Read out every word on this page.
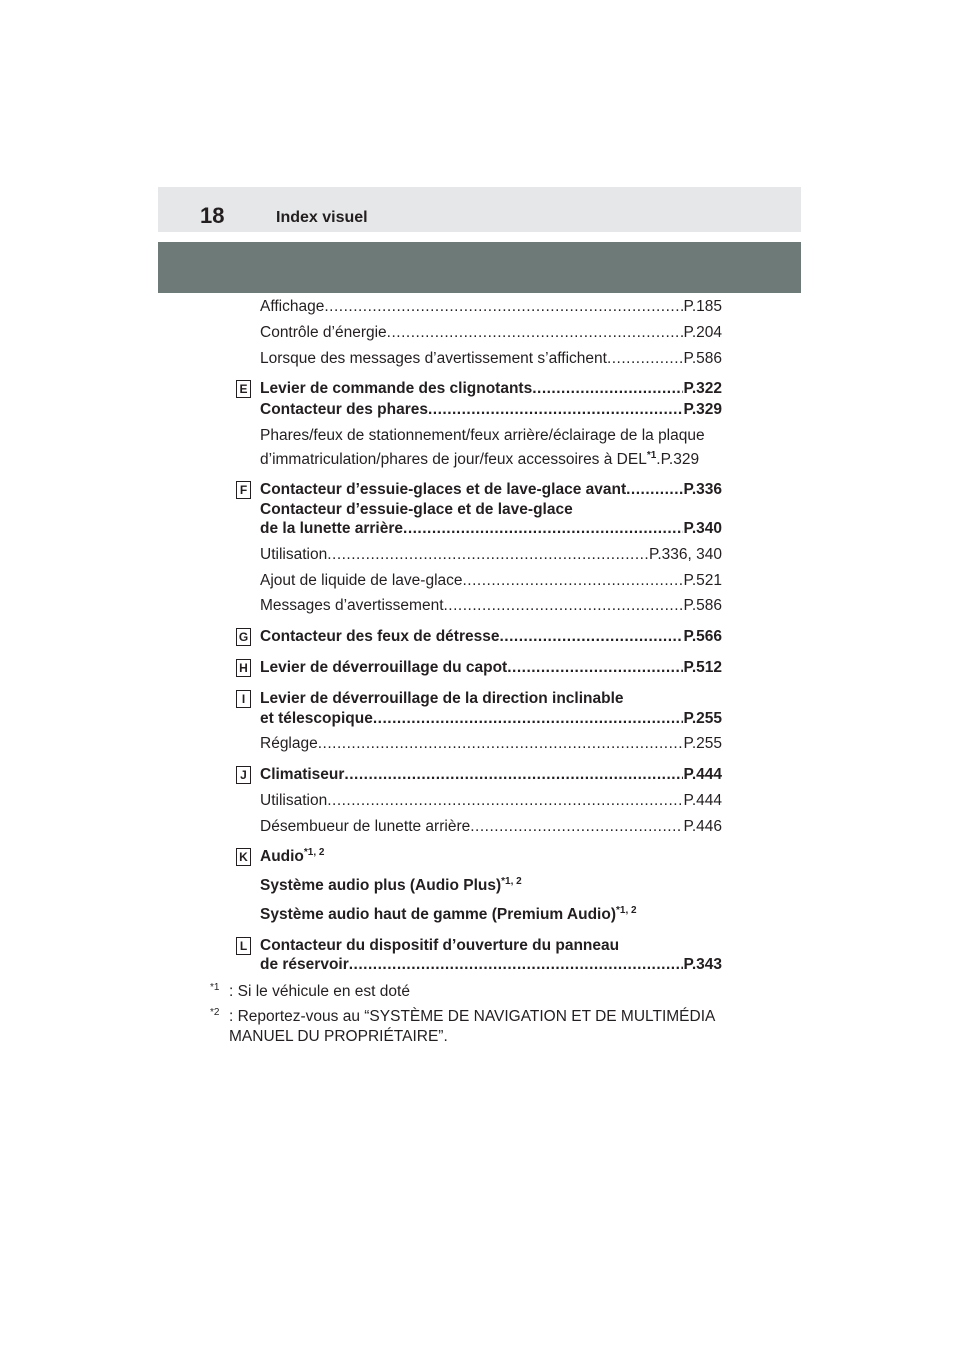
18	Index visuel
Affichage .....	P.185
Contrôle d’énergie .....	P.204
Lorsque des messages d’avertissement s’affichent .....	P.586
E Levier de commande des clignotants .....	P.322
Contacteur des phares .....	P.329
Phares/feux de stationnement/feux arrière/éclairage de la plaque
d’immatriculation/phares de jour/feux accessoires à DEL$^{*1}$.P.329
F Contacteur d’essuie-glaces et de lave-glace avant .....	P.336
Contacteur d’essuie-glace et de lave-glace
de la lunette arrière .....	P.340
Utilisation .....	P.336, 340
Ajout de liquide de lave-glace .....	P.521
Messages d’avertissement .....	P.586
G Contacteur des feux de détresse .....	P.566
H Levier de déverrouillage du capot .....	P.512
I Levier de déverrouillage de la direction inclinable
et télescopique .....	P.255
Réglage .....	P.255
J Climatiseur .....	P.444
Utilisation .....	P.444
Désembueur de lunette arrière .....	P.446
K Audio$^{*1, 2}$
Système audio plus (Audio Plus)$^{*1, 2}$
Système audio haut de gamme (Premium Audio)$^{*1, 2}$
L Contacteur du dispositif d’ouverture du panneau
de réservoir .....	P.343
$^{*1}$ : Si le véhicule en est doté
$^{*2}$ : Reportez-vous au “SYSTÈME DE NAVIGATION ET DE MULTIMÉDIA MANUEL DU PROPRIÉTAIRE”.
